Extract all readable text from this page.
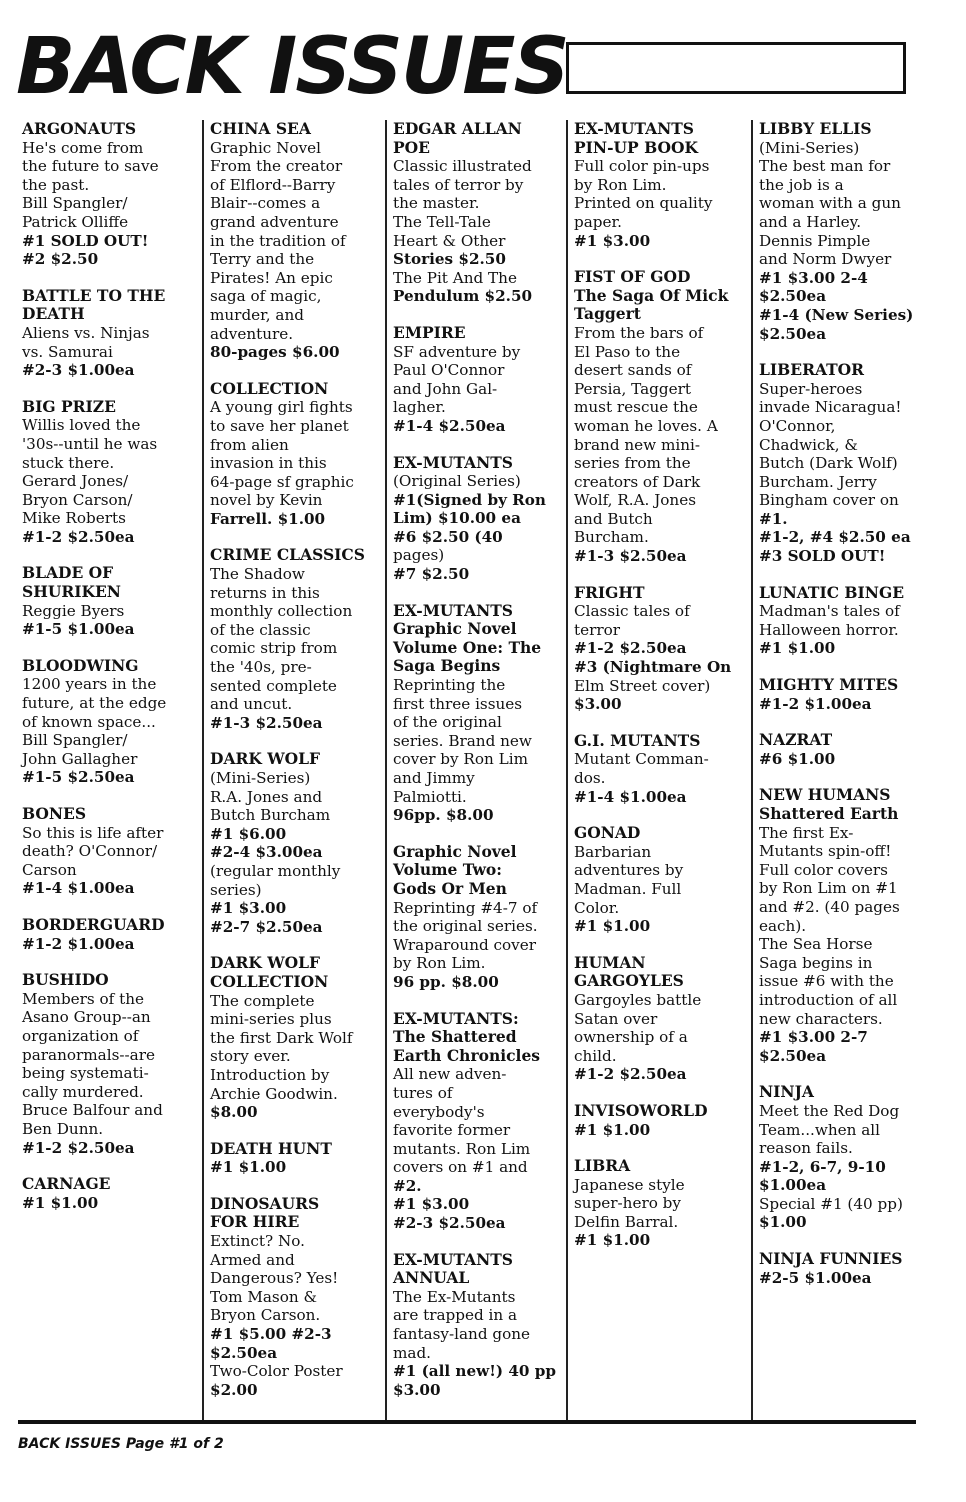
BACK ISSUES
ARGONAUTS
He's come from
the future to save
the past.
Bill Spangler/
Patrick Olliffe
#1 SOLD OUT!
#2 $2.50
BATTLE TO THE
DEATH
Aliens vs. Ninjas
vs. Samurai
#2-3 $1.00ea
BIG PRIZE
Willis loved the
'30s--until he was
stuck there.
Gerard Jones/
Bryon Carson/
Mike Roberts
#1-2 $2.50ea
BLADE OF
SHURIKEN
Reggie Byers
#1-5 $1.00ea
BLOODWING
1200 years in the
future, at the edge
of known space...
Bill Spangler/
John Gallagher
#1-5 $2.50ea
BONES
So this is life after
death? O'Connor/
Carson
#1-4 $1.00ea
BORDERGUARD
#1-2 $1.00ea
BUSHIDO
Members of the
Asano Group--an
organization of
paranormals--are
being systemati-
cally murdered.
Bruce Balfour and
Ben Dunn.
#1-2 $2.50ea
CARNAGE
#1 $1.00
CHINA SEA
Graphic Novel
From the creator
of Elflord--Barry
Blair--comes a
grand adventure
in the tradition of
Terry and the
Pirates! An epic
saga of magic,
murder, and
adventure.
80-pages $6.00
COLLECTION
A young girl fights
to save her planet
from alien
invasion in this
64-page sf graphic
novel by Kevin
Farrell. $1.00
CRIME CLASSICS
The Shadow
returns in this
monthly collection
of the classic
comic strip from
the '40s, pre-
sented complete
and uncut.
#1-3 $2.50ea
DARK WOLF
(Mini-Series)
R.A. Jones and
Butch Burcham
#1 $6.00
#2-4 $3.00ea
(regular monthly
series)
#1 $3.00
#2-7 $2.50ea
DARK WOLF
COLLECTION
The complete
mini-series plus
the first Dark Wolf
story ever.
Introduction by
Archie Goodwin.
$8.00
DEATH HUNT
#1 $1.00
DINOSAURS
FOR HIRE
Extinct? No.
Armed and
Dangerous? Yes!
Tom Mason &
Bryon Carson.
#1 $5.00 #2-3
$2.50ea
Two-Color Poster
$2.00
EDGAR ALLAN
POE
Classic illustrated
tales of terror by
the master.
The Tell-Tale
Heart & Other
Stories $2.50
The Pit And The
Pendulum $2.50
EMPIRE
SF adventure by
Paul O'Connor
and John Gal-
lagher.
#1-4 $2.50ea
EX-MUTANTS
(Original Series)
#1(Signed by Ron
Lim) $10.00 ea
#6 $2.50 (40
pages)
#7 $2.50
EX-MUTANTS
Graphic Novel
Volume One: The
Saga Begins
Reprinting the
first three issues
of the original
series. Brand new
cover by Ron Lim
and Jimmy
Palmiotti.
96pp. $8.00
Graphic Novel
Volume Two:
Gods Or Men
Reprinting #4-7 of
the original series.
Wraparound cover
by Ron Lim.
96 pp. $8.00
EX-MUTANTS:
The Shattered
Earth Chronicles
All new adven-
tures of
everybody's
favorite former
mutants. Ron Lim
covers on #1 and
#2.
#1 $3.00
#2-3 $2.50ea
EX-MUTANTS
ANNUAL
The Ex-Mutants
are trapped in a
fantasy-land gone
mad.
#1 (all new!) 40 pp
$3.00
EX-MUTANTS
PIN-UP BOOK
Full color pin-ups
by Ron Lim.
Printed on quality
paper.
#1 $3.00
FIST OF GOD
The Saga Of Mick
Taggert
From the bars of
El Paso to the
desert sands of
Persia, Taggert
must rescue the
woman he loves. A
brand new mini-
series from the
creators of Dark
Wolf, R.A. Jones
and Butch
Burcham.
#1-3 $2.50ea
FRIGHT
Classic tales of
terror
#1-2 $2.50ea
#3 (Nightmare On
Elm Street cover)
$3.00
G.I. MUTANTS
Mutant Comman-
dos.
#1-4 $1.00ea
GONAD
Barbarian
adventures by
Madman. Full
Color.
#1 $1.00
HUMAN
GARGOYLES
Gargoyles battle
Satan over
ownership of a
child.
#1-2 $2.50ea
INVISOWORLD
#1 $1.00
LIBRA
Japanese style
super-hero by
Delfin Barral.
#1 $1.00
LIBBY ELLIS
(Mini-Series)
The best man for
the job is a
woman with a gun
and a Harley.
Dennis Pimple
and Norm Dwyer
#1 $3.00 2-4
$2.50ea
#1-4 (New Series)
$2.50ea
LIBERATOR
Super-heroes
invade Nicaragua!
O'Connor,
Chadwick, &
Butch (Dark Wolf)
Burcham. Jerry
Bingham cover on
#1.
#1-2, #4 $2.50 ea
#3 SOLD OUT!
LUNATIC BINGE
Madman's tales of
Halloween horror.
#1 $1.00
MIGHTY MITES
#1-2 $1.00ea
NAZRAT
#6 $1.00
NEW HUMANS
Shattered Earth
The first Ex-
Mutants spin-off!
Full color covers
by Ron Lim on #1
and #2. (40 pages
each).
The Sea Horse
Saga begins in
issue #6 with the
introduction of all
new characters.
#1 $3.00 2-7
$2.50ea
NINJA
Meet the Red Dog
Team...when all
reason fails.
#1-2, 6-7, 9-10
$1.00ea
Special #1 (40 pp)
$1.00
NINJA FUNNIES
#2-5 $1.00ea
BACK ISSUES Page #1 of 2
